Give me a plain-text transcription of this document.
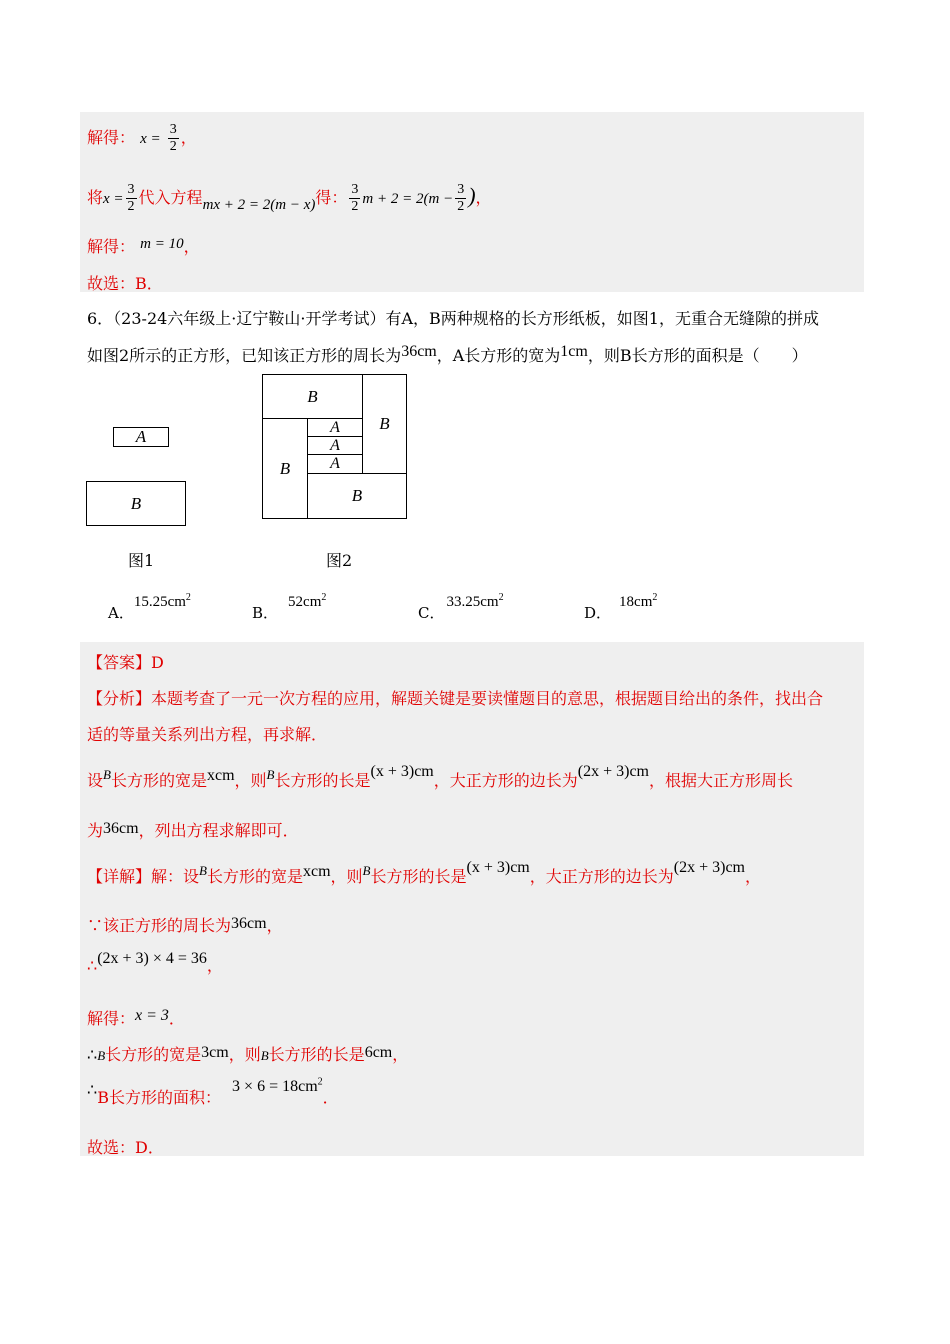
解得： $x = \frac{3}{2}$ ，
将$x = \frac{3}{2}$ 代入方程mx + 2 = 2(m − x)得： $\frac{3}{2}$ $m + 2 = 2(m - \frac{3}{2}$ )，
解得： m = 10，
故选：B．
6．（23-24六年级上·辽宁鞍山·开学考试）有A，B两种规格的长方形纸板，如图1，无重合无缝隙的拼成
如图2所示的正方形，已知该正方形的周长为36cm，A长方形的宽为1cm，则B长方形的面积是（　　）
A
B
图1
B
B
A
A
A
B
B
图2
A．$15.25cm^2$
B．$52cm^2$
C．$33.25cm^2$
D．$18cm^2$
【答案】D
【分析】本题考查了一元一次方程的应用，解题关键是要读懂题目的意思，根据题目给出的条件，找出合
适的等量关系列出方程，再求解．
设$^B$长方形的宽是xcm，则$^B$长方形的长是(x + 3)cm，大正方形的边长为(2x + 3)cm，根据大正方形周长
为36cm，列出方程求解即可．
【详解】解：设$^B$长方形的宽是xcm，则$^B$长方形的长是(x + 3)cm，大正方形的边长为(2x + 3)cm，
∵该正方形的周长为36cm，
∴(2x + 3) × 4 = 36，
解得：x = 3．
∴B长方形的宽是3cm，则B长方形的长是6cm，
∴B长方形的面积： $3 \times 6 = 18cm^2$．
故选：D．
